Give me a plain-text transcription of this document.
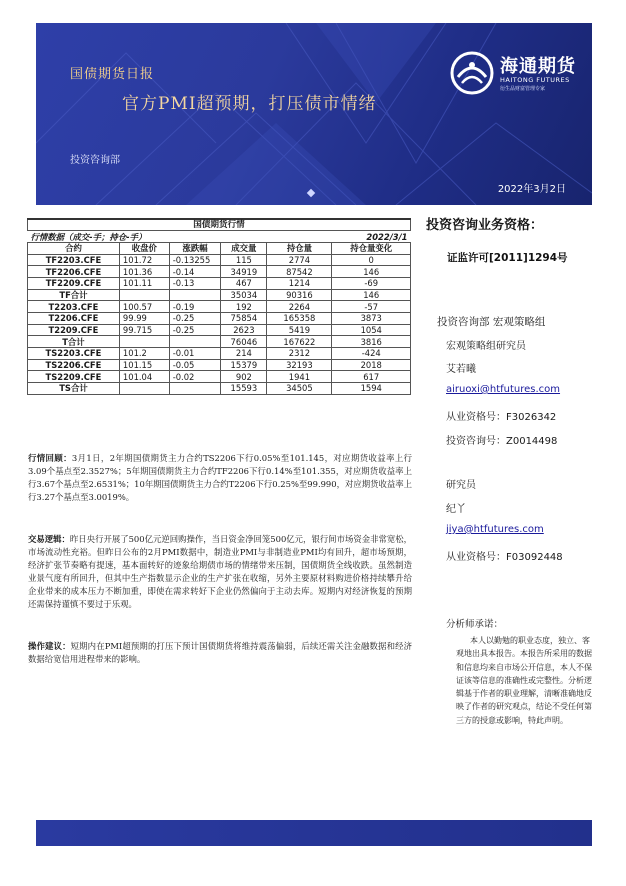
国债期货日报
官方PMI超预期，打压债市情绪
投资咨询部
2022年3月2日
海通期货
HAITONG FUTURES
衍生品财富管理专家
国债期货行情					
行情数据（成交-手；持仓-手）				2022/3/1	
合约	收盘价	涨跌幅	成交量	持仓量	持仓量变化
TF2203.CFE	101.72	-0.13255	115	2774	0
TF2206.CFE	101.36	-0.14	34919	87542	146
TF2209.CFE	101.11	-0.13	467	1214	-69
TF合计			35034	90316	146
T2203.CFE	100.57	-0.19	192	2264	-57
T2206.CFE	99.99	-0.25	75854	165358	3873
T2209.CFE	99.715	-0.25	2623	5419	1054
T合计			76046	167622	3816
TS2203.CFE	101.2	-0.01	214	2312	-424
TS2206.CFE	101.15	-0.05	15379	32193	2018
TS2209.CFE	101.04	-0.02	902	1941	617
TS合计			15593	34505	1594
投资咨询业务资格：
证监许可[2011]1294号
投资咨询部 宏观策略组
宏观策略组研究员
艾若曦
airuoxi@htfutures.com
从业资格号：F3026342
投资咨询号：Z0014498
研究员
纪丫
jiya@htfutures.com
从业资格号：F03092448
分析师承诺：
本人以勤勉的职业态度，独立、客观地出具本报告。本报告所采用的数据和信息均来自市场公开信息，本人不保证该等信息的准确性或完整性。分析逻辑基于作者的职业理解，清晰准确地反映了作者的研究观点，结论不受任何第三方的授意或影响，特此声明。
行情回顾：3月1日，2年期国债期货主力合约TS2206下行0.05%至101.145，对应期货收益率上行3.09个基点至2.3527%；5年期国债期货主力合约TF2206下行0.14%至101.355，对应期货收益率上行3.67个基点至2.6531%；10年期国债期货主力合约T2206下行0.25%至99.990，对应期货收益率上行3.27个基点至3.0019%。
交易逻辑：昨日央行开展了500亿元逆回购操作，当日资金净回笼500亿元，银行间市场资金非常宽松，市场流动性充裕。但昨日公布的2月PMI数据中，制造业PMI与非制造业PMI均有回升，超市场预期，经济扩张节奏略有提速，基本面转好的迹象给期债市场的情绪带来压制，国债期货全线收跌。虽然制造业景气度有所回升，但其中生产指数显示企业的生产扩张在收缩，另外主要原材料购进价格持续攀升给企业带来的成本压力不断加重，即使在需求转好下企业仍然偏向于主动去库。短期内对经济恢复的预期还需保持谨慎不要过于乐观。
操作建议：短期内在PMI超预期的打压下预计国债期货将维持震荡偏弱，后续还需关注金融数据和经济数据给宽信用进程带来的影响。
